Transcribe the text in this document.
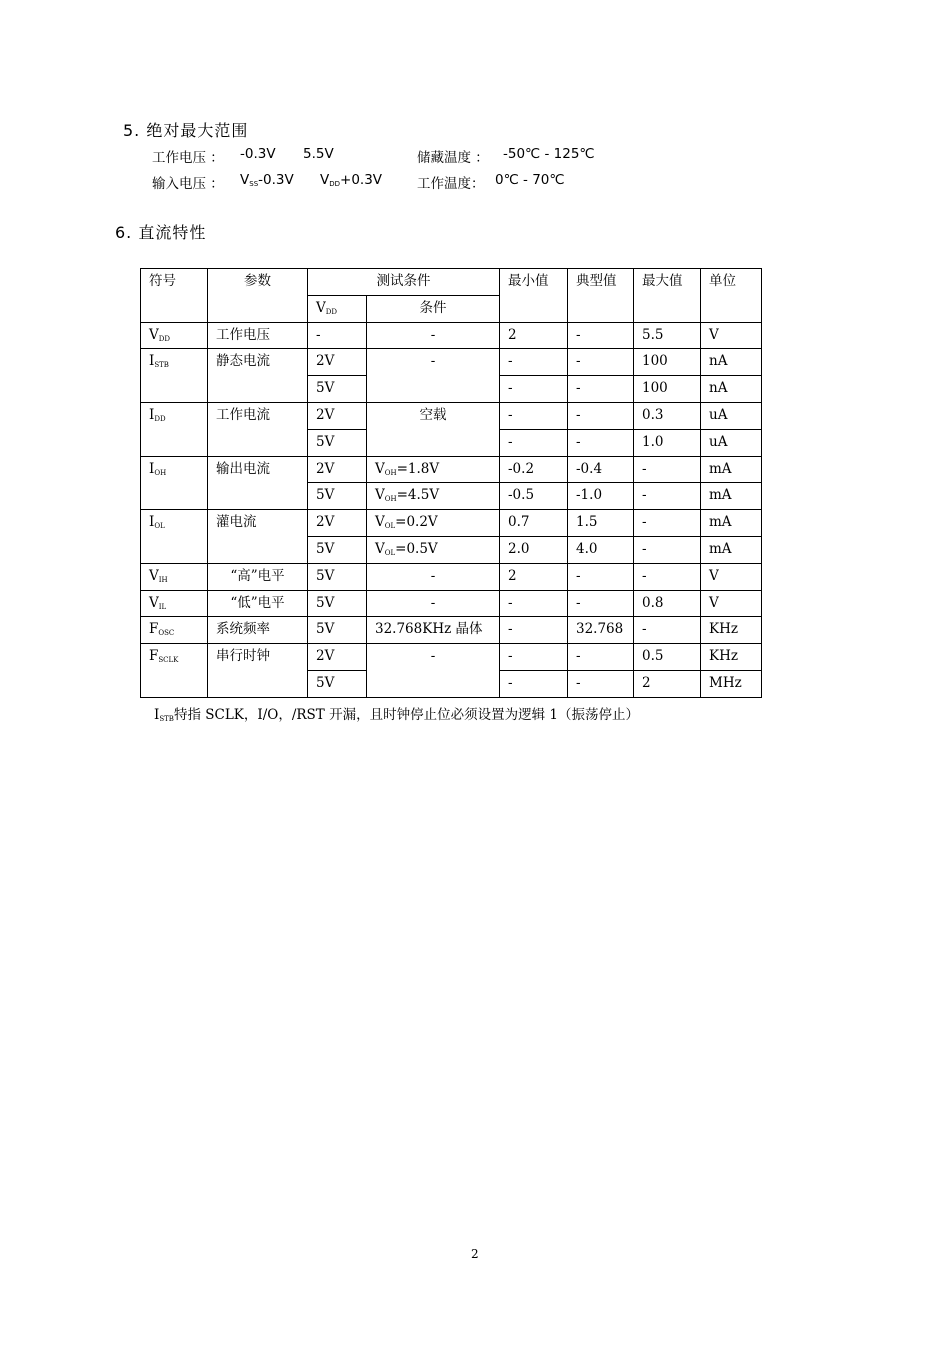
5. 绝对最大范围
工作电压 ： -0.3V 5.5V	储藏温度 ： -50℃ - 125℃
输入电压 ： $V_{SS}-0.3V$ $V_{DD}+0.3V$	工作温度： 0℃ - 70℃
6. 直流特性
符号	参数	测试条件		最小值	典型值	最大值	单位
		$V_{DD}$	条件				
$V_{DD}$	工作电压	-	-	2	-	5.5	V
$I_{STB}$	静态电流	2V	-	-	-	100	nA
		5V		-	-	100	nA
$I_{DD}$	工作电流	2V	空载	-	-	0.3	uA
		5V		-	-	1.0	uA
$I_{OH}$	输出电流	2V	$V_{OH}=1.8V$	-0.2	-0.4	-	mA
		5V	$V_{OH}=4.5V$	-0.5	-1.0	-	mA
$I_{OL}$	灌电流	2V	$V_{OL}=0.2V$	0.7	1.5	-	mA
		5V	$V_{OL}=0.5V$	2.0	4.0	-	mA
$V_{IH}$	“高”电平	5V	-	2	-	-	V
$V_{IL}$	“低”电平	5V	-	-	-	0.8	V
$F_{OSC}$	系统频率	5V	32.768KHz 晶体	-	32.768	-	KHz
$F_{SCLK}$	串行时钟	2V	-	-	-	0.5	KHz
		5V		-	-	2	MHz
$I_{STB}$特指 SCLK，I/O，/RST 开漏，且时钟停止位必须设置为逻辑 1（振荡停止）
2
